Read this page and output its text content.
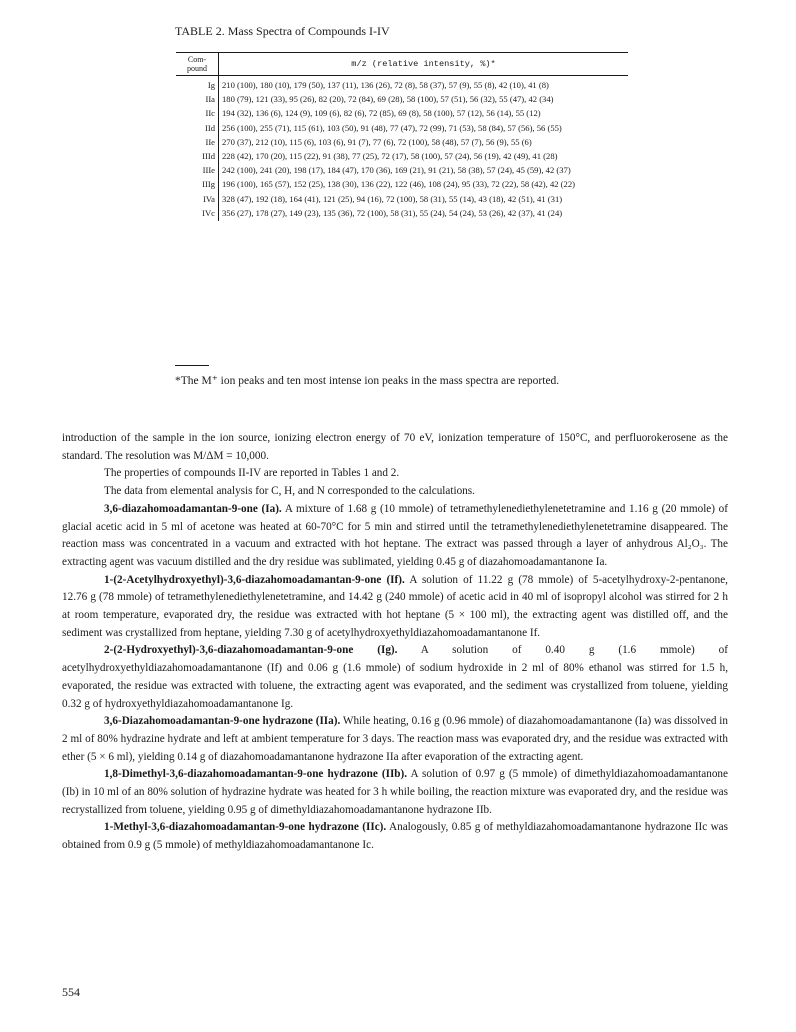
TABLE 2. Mass Spectra of Compounds I-IV
Com-
pound	m/z (relative intensity, %)*
Ig	210 (100), 180 (10), 179 (50), 137 (11), 136 (26), 72 (8), 58 (37), 57 (9), 55 (8), 42 (10), 41 (8)
IIa	180 (79), 121 (33), 95 (26), 82 (20), 72 (84), 69 (28), 58 (100), 57 (51), 56 (32), 55 (47), 42 (34)
IIc	194 (32), 136 (6), 124 (9), 109 (6), 82 (6), 72 (85), 69 (8), 58 (100), 57 (12), 56 (14), 55 (12)
IId	256 (100), 255 (71), 115 (61), 103 (50), 91 (48), 77 (47), 72 (99), 71 (53), 58 (84), 57 (56), 56 (55)
IIe	270 (37), 212 (10), 115 (6), 103 (6), 91 (7), 77 (6), 72 (100), 58 (48), 57 (7), 56 (9), 55 (6)
IIId	228 (42), 170 (20), 115 (22), 91 (38), 77 (25), 72 (17), 58 (100), 57 (24), 56 (19), 42 (49), 41 (28)
IIIe	242 (100), 241 (20), 198 (17), 184 (47), 170 (36), 169 (21), 91 (21), 58 (38), 57 (24), 45 (59), 42 (37)
IIIg	196 (100), 165 (57), 152 (25), 138 (30), 136 (22), 122 (46), 108 (24), 95 (33), 72 (22), 58 (42), 42 (22)
IVa	328 (47), 192 (18), 164 (41), 121 (25), 94 (16), 72 (100), 58 (31), 55 (14), 43 (18), 42 (51), 41 (31)
IVc	356 (27), 178 (27), 149 (23), 135 (36), 72 (100), 58 (31), 55 (24), 54 (24), 53 (26), 42 (37), 41 (24)
*The M⁺ ion peaks and ten most intense ion peaks in the mass spectra are reported.

introduction of the sample in the ion source, ionizing electron energy of 70 eV, ionization temperature of 150°C, and perfluorokerosene as the standard. The resolution was M/ΔM = 10,000.

The properties of compounds II-IV are reported in Tables 1 and 2.

The data from elemental analysis for C, H, and N corresponded to the calculations.

3,6-diazahomoadamantan-9-one (Ia). A mixture of 1.68 g (10 mmole) of tetramethylenediethylenetetramine and 1.16 g (20 mmole) of glacial acetic acid in 5 ml of acetone was heated at 60-70°C for 5 min and stirred until the tetramethylenediethylenetetramine disappeared. The reaction mass was concentrated in a vacuum and extracted with hot heptane. The extract was passed through a layer of anhydrous Al₂O₃. The extracting agent was vacuum distilled and the dry residue was sublimated, yielding 0.45 g of diazahomoadamantanone Ia.

1-(2-Acetylhydroxyethyl)-3,6-diazahomoadamantan-9-one (If). A solution of 11.22 g (78 mmole) of 5-acetylhydroxy-2-pentanone, 12.76 g (78 mmole) of tetramethylenediethylenetetramine, and 14.42 g (240 mmole) of acetic acid in 40 ml of isopropyl alcohol was stirred for 2 h at room temperature, evaporated dry, the residue was extracted with hot heptane (5 × 100 ml), the extracting agent was distilled off, and the sediment was crystallized from heptane, yielding 7.30 g of acetylhydroxyethyldiazahomoadamantanone If.

2-(2-Hydroxyethyl)-3,6-diazahomoadamantan-9-one (Ig). A solution of 0.40 g (1.6 mmole) of acetylhydroxyethyldiazahomoadamantanone (If) and 0.06 g (1.6 mmole) of sodium hydroxide in 2 ml of 80% ethanol was stirred for 1.5 h, evaporated, the residue was extracted with toluene, the extracting agent was evaporated, and the sediment was crystallized from toluene, yielding 0.32 g of hydroxyethyldiazahomoadamantanone Ig.

3,6-Diazahomoadamantan-9-one hydrazone (IIa). While heating, 0.16 g (0.96 mmole) of diazahomoadamantanone (Ia) was dissolved in 2 ml of 80% hydrazine hydrate and left at ambient temperature for 3 days. The reaction mass was evaporated dry, and the residue was extracted with ether (5 × 6 ml), yielding 0.14 g of diazahomoadamantanone hydrazone IIa after evaporation of the extracting agent.

1,8-Dimethyl-3,6-diazahomoadamantan-9-one hydrazone (IIb). A solution of 0.97 g (5 mmole) of dimethyldiazahomoadamantanone (Ib) in 10 ml of an 80% solution of hydrazine hydrate was heated for 3 h while boiling, the reaction mixture was evaporated dry, and the residue was recrystallized from toluene, yielding 0.95 g of dimethyldiazahomoadamantanone hydrazone IIb.

1-Methyl-3,6-diazahomoadamantan-9-one hydrazone (IIc). Analogously, 0.85 g of methyldiazahomoadamantanone hydrazone IIc was obtained from 0.9 g (5 mmole) of methyldiazahomoadamantanone Ic.

554
